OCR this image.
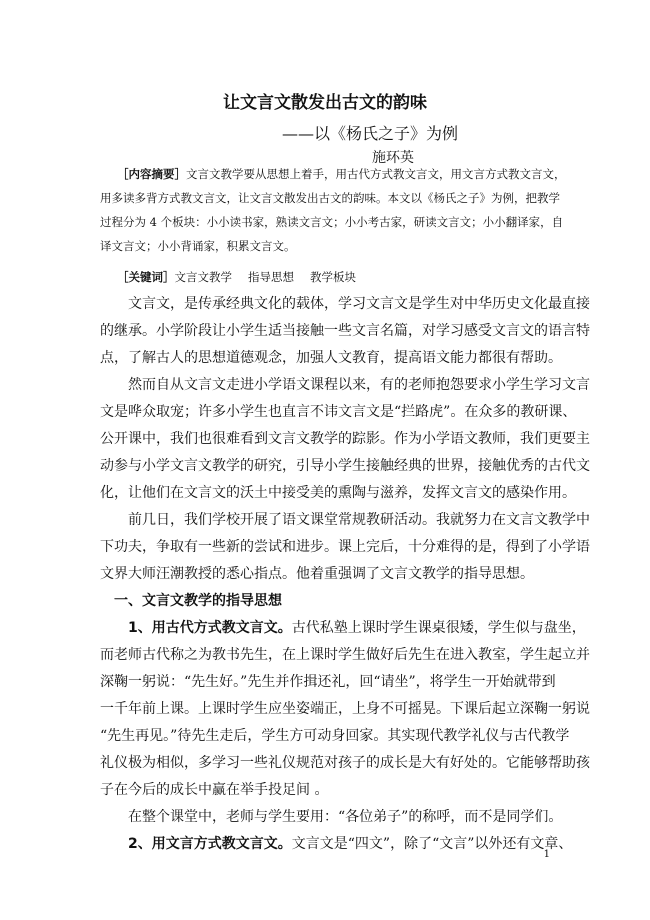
让文言文散发出古文的韵味
——以《杨氏之子》为例
施环英
［内容摘要］文言文教学要从思想上着手，用古代方式教文言文，用文言方式教文言文，
用多读多背方式教文言文，让文言文散发出古文的韵味。本文以《杨氏之子》为例，把教学
过程分为 4 个板块：小小读书家，熟读文言文；小小考古家，研读文言文；小小翻译家，自
译文言文；小小背诵家，积累文言文。
［关键词］文言文教学 指导思想 教学板块
　　文言文，是传承经典文化的载体，学习文言文是学生对中华历史文化最直接
的继承。小学阶段让小学生适当接触一些文言名篇，对学习感受文言文的语言特
点，了解古人的思想道德观念，加强人文教育，提高语文能力都很有帮助。
　　然而自从文言文走进小学语文课程以来，有的老师抱怨要求小学生学习文言
文是哗众取宠；许多小学生也直言不讳文言文是“拦路虎”。在众多的教研课、
公开课中，我们也很难看到文言文教学的踪影。作为小学语文教师，我们更要主
动参与小学文言文教学的研究，引导小学生接触经典的世界，接触优秀的古代文
化，让他们在文言文的沃土中接受美的熏陶与滋养，发挥文言文的感染作用。
　　前几日，我们学校开展了语文课堂常规教研活动。我就努力在文言文教学中
下功夫，争取有一些新的尝试和进步。课上完后，十分难得的是，得到了小学语
文界大师汪潮教授的悉心指点。他着重强调了文言文教学的指导思想。
　一、文言文教学的指导思想
　　1、用古代方式教文言文。古代私塾上课时学生课桌很矮，学生似与盘坐，
而老师古代称之为教书先生，在上课时学生做好后先生在进入教室，学生起立并
深鞠一躬说：“先生好。”先生并作揖还礼，回“请坐”，将学生一开始就带到
一千年前上课。上课时学生应坐姿端正，上身不可摇晃。下课后起立深鞠一躬说
“先生再见。”待先生走后，学生方可动身回家。其实现代教学礼仪与古代教学
礼仪极为相似，多学习一些礼仪规范对孩子的成长是大有好处的。它能够帮助孩
子在今后的成长中赢在举手投足间 。
　　在整个课堂中，老师与学生要用：“各位弟子”的称呼，而不是同学们。
　　2、用文言方式教文言文。文言文是“四文”，除了“文言”以外还有文章、
1
